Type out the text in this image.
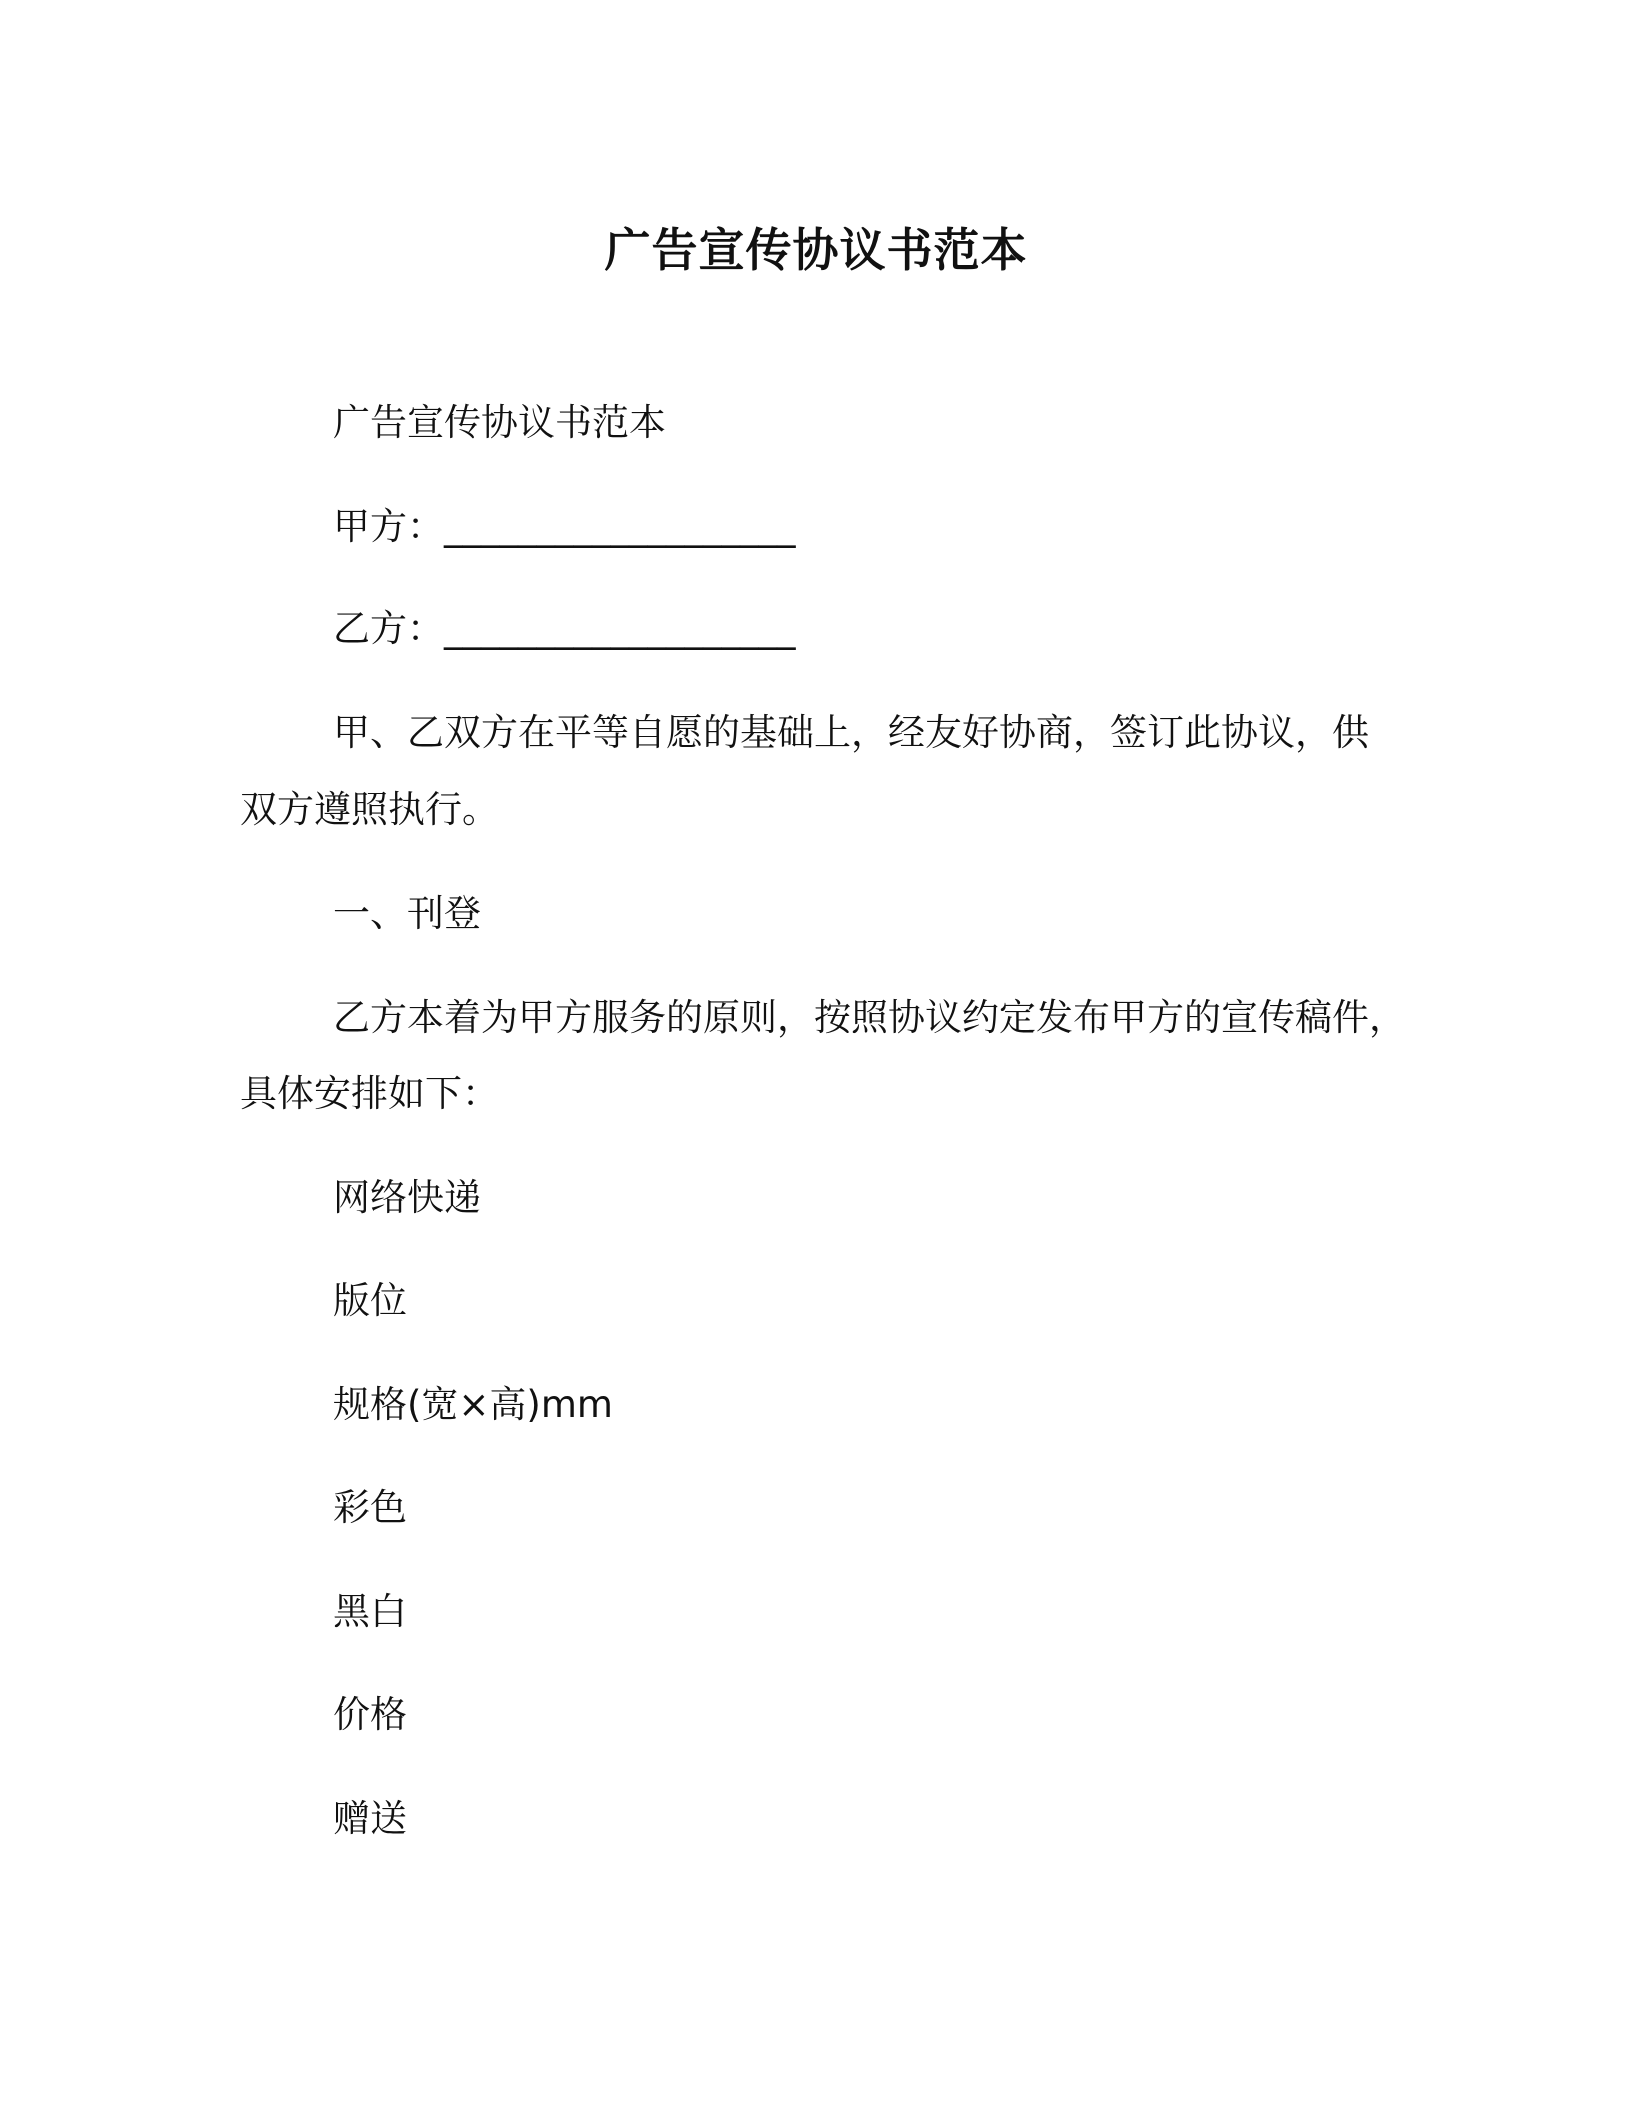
广告宣传协议书范本
广告宣传协议书范本
甲方：___________________
乙方：___________________
甲、乙双方在平等自愿的基础上，经友好协商，签订此协议，供
双方遵照执行。
一、刊登
乙方本着为甲方服务的原则，按照协议约定发布甲方的宣传稿件，
具体安排如下：
网络快递
版位
规格(宽×高)mm
彩色
黑白
价格
赠送
